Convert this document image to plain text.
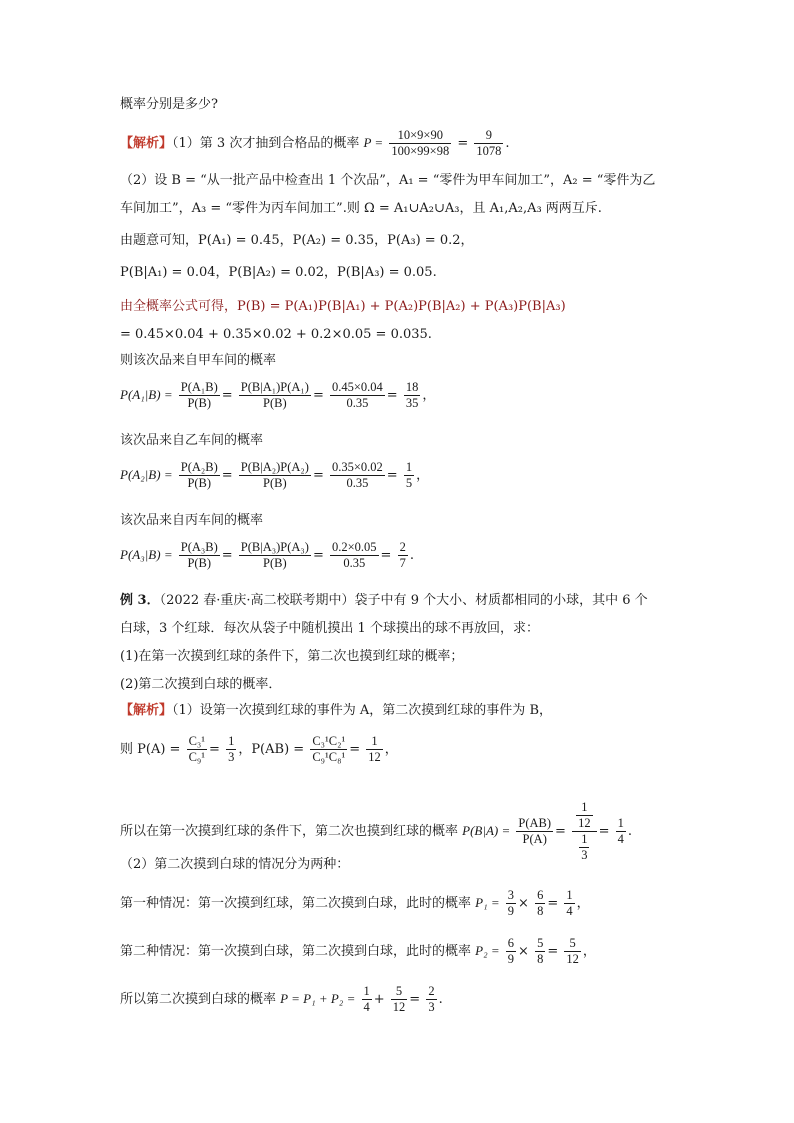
概率分别是多少?
【解析】（1）第 3 次才抽到合格品的概率 $P = \frac{10\times 9\times 90}{100\times 99\times 98} = \frac{9}{1078}$ .
（2）设 B = “从一批产品中检查出 1 个次品”，A₁ = “零件为甲车间加工”，A₂ = “零件为乙
车间加工”，A₃ = “零件为丙车间加工”.则 Ω = A₁∪A₂∪A₃，且 A₁,A₂,A₃ 两两互斥.
由题意可知，P(A₁) = 0.45，P(A₂) = 0.35，P(A₃) = 0.2，
P(B|A₁) = 0.04，P(B|A₂) = 0.02，P(B|A₃) = 0.05.
由全概率公式可得，P(B) = P(A₁)P(B|A₁) + P(A₂)P(B|A₂) + P(A₃)P(B|A₃)
= 0.45×0.04 + 0.35×0.02 + 0.2×0.05 = 0.035.
则该次品来自甲车间的概率
$P(A_1|B) = \frac{\text{P(A₁B)}}{P(B)} = \frac{\text{P(B|A₁)P(A₁)}}{P(B)} = \frac{0.45\times 0.04}{0.35} = \frac{18}{35}$ ，
该次品来自乙车间的概率
$P(A_2|B) = \frac{\text{P(A₂B)}}{P(B)} = \frac{\text{P(B|A₂)P(A₂)}}{P(B)} = \frac{0.35\times 0.02}{0.35} = \frac{1}{5}$ ，
该次品来自丙车间的概率
$P(A_3|B) = \frac{\text{P(A₃B)}}{P(B)} = \frac{\text{P(B|A₃)P(A₃)}}{P(B)} = \frac{0.2\times 0.05}{0.35} = \frac{2}{7}$ .
例 3．（2022 春·重庆·高二校联考期中）袋子中有 9 个大小、材质都相同的小球，其中 6 个
白球，3 个红球．每次从袋子中随机摸出 1 个球摸出的球不再放回，求：
(1)在第一次摸到红球的条件下，第二次也摸到红球的概率；
(2)第二次摸到白球的概率．
【解析】（1）设第一次摸到红球的事件为 A，第二次摸到红球的事件为 B，
则 $P(A) = \frac{\text{C₃¹}}{\text{C₉¹}} = \frac{1}{3}$ ，$P(AB) = \frac{\text{C₃¹C₂¹}}{\text{C₉¹C₈¹}} = \frac{1}{12}$ ，
所以在第一次摸到红球的条件下，第二次也摸到红球的概率 $P(B|A) = \frac{P(AB)}{P(A)} = \frac{\frac{1}{12}}{\frac{1}{3}} = \frac{1}{4}$ .
（2）第二次摸到白球的情况分为两种：
第一种情况：第一次摸到红球，第二次摸到白球，此时的概率 $P_1 = \frac{3}{9} \times \frac{6}{8} = \frac{1}{4}$ ，
第二种情况：第一次摸到白球，第二次摸到白球，此时的概率 $P_2 = \frac{6}{9} \times \frac{5}{8} = \frac{5}{12}$ ，
所以第二次摸到白球的概率 $P = P_1 + P_2 = \frac{1}{4} + \frac{5}{12} = \frac{2}{3}$ .
